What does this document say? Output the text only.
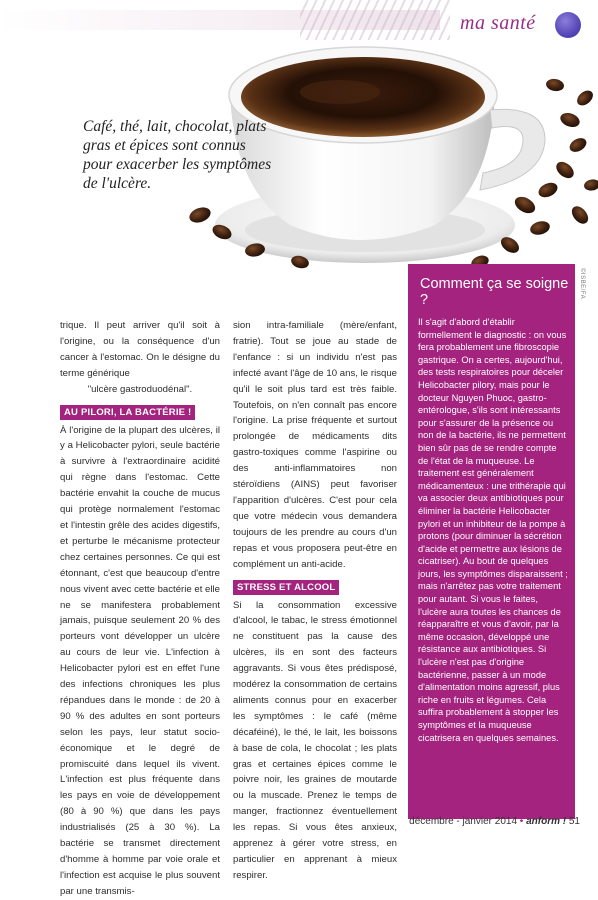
ma santé

Café, thé, lait, chocolat, plats gras et épices sont connus pour exacerber les symptômes de l'ulcère.

©ISBE/FA

trique. Il peut arriver qu'il soit à l'origine, ou la conséquence d'un cancer à l'estomac. On le désigne du terme générique

"ulcère gastroduodénal".

AU PILORI, LA BACTÉRIE !

À l'origine de la plupart des ulcères, il y a Helicobacter pylori, seule bactérie à survivre à l'extraordinaire acidité qui règne dans l'estomac. Cette bactérie envahit la couche de mucus qui protège normalement l'estomac et l'intestin grêle des acides digestifs, et perturbe le mécanisme protecteur chez certaines personnes. Ce qui est étonnant, c'est que beaucoup d'entre nous vivent avec cette bactérie et elle ne se manifestera probablement jamais, puisque seulement 20 % des porteurs vont développer un ulcère au cours de leur vie. L'infection à Helicobacter pylori est en effet l'une des infections chroniques les plus répandues dans le monde : de 20 à 90 % des adultes en sont porteurs selon les pays, leur statut socio-économique et le degré de promiscuité dans lequel ils vivent. L'infection est plus fréquente dans les pays en voie de développement (80 à 90 %) que dans les pays industrialisés (25 à 30 %). La bactérie se transmet directement d'homme à homme par voie orale et l'infection est acquise le plus souvent par une transmis-

sion intra-familiale (mère/enfant, fratrie). Tout se joue au stade de l'enfance : si un individu n'est pas infecté avant l'âge de 10 ans, le risque qu'il le soit plus tard est très faible. Toutefois, on n'en connaît pas encore l'origine. La prise fréquente et surtout prolongée de médicaments dits gastro-toxiques comme l'aspirine ou des anti-inflammatoires non stéroïdiens (AINS) peut favoriser l'apparition d'ulcères. C'est pour cela que votre médecin vous demandera toujours de les prendre au cours d'un repas et vous proposera peut-être en complément un anti-acide.

STRESS ET ALCOOL

Si la consommation excessive d'alcool, le tabac, le stress émotionnel ne constituent pas la cause des ulcères, ils en sont des facteurs aggravants. Si vous êtes prédisposé, modérez la consommation de certains aliments connus pour en exacerber les symptômes : le café (même décaféiné), le thé, le lait, les boissons à base de cola, le chocolat ; les plats gras et certaines épices comme le poivre noir, les graines de moutarde ou la muscade. Prenez le temps de manger, fractionnez éventuellement les repas. Si vous êtes anxieux, apprenez à gérer votre stress, en particulier en apprenant à mieux respirer.

Comment ça se soigne ?

Il s'agit d'abord d'établir formellement le diagnostic : on vous fera probablement une fibroscopie gastrique. On a certes, aujourd'hui, des tests respiratoires pour déceler Helicobacter pilory, mais pour le docteur Nguyen Phuoc, gastro-entérologue, s'ils sont intéressants pour s'assurer de la présence ou non de la bactérie, ils ne permettent bien sûr pas de se rendre compte de l'état de la muqueuse. Le traitement est généralement médicamenteux : une trithérapie qui va associer deux antibiotiques pour éliminer la bactérie Helicobacter pylori et un inhibiteur de la pompe à protons (pour diminuer la sécrétion d'acide et permettre aux lésions de cicatriser). Au bout de quelques jours, les symptômes disparaissent ; mais n'arrêtez pas votre traitement pour autant. Si vous le faites, l'ulcère aura toutes les chances de réapparaître et vous d'avoir, par la même occasion, développé une résistance aux antibiotiques. Si l'ulcère n'est pas d'origine bactérienne, passer à un mode d'alimentation moins agressif, plus riche en fruits et légumes. Cela suffira probablement à stopper les symptômes et la muqueuse cicatrisera en quelques semaines.

décembre - janvier 2014 • anform ! 51
